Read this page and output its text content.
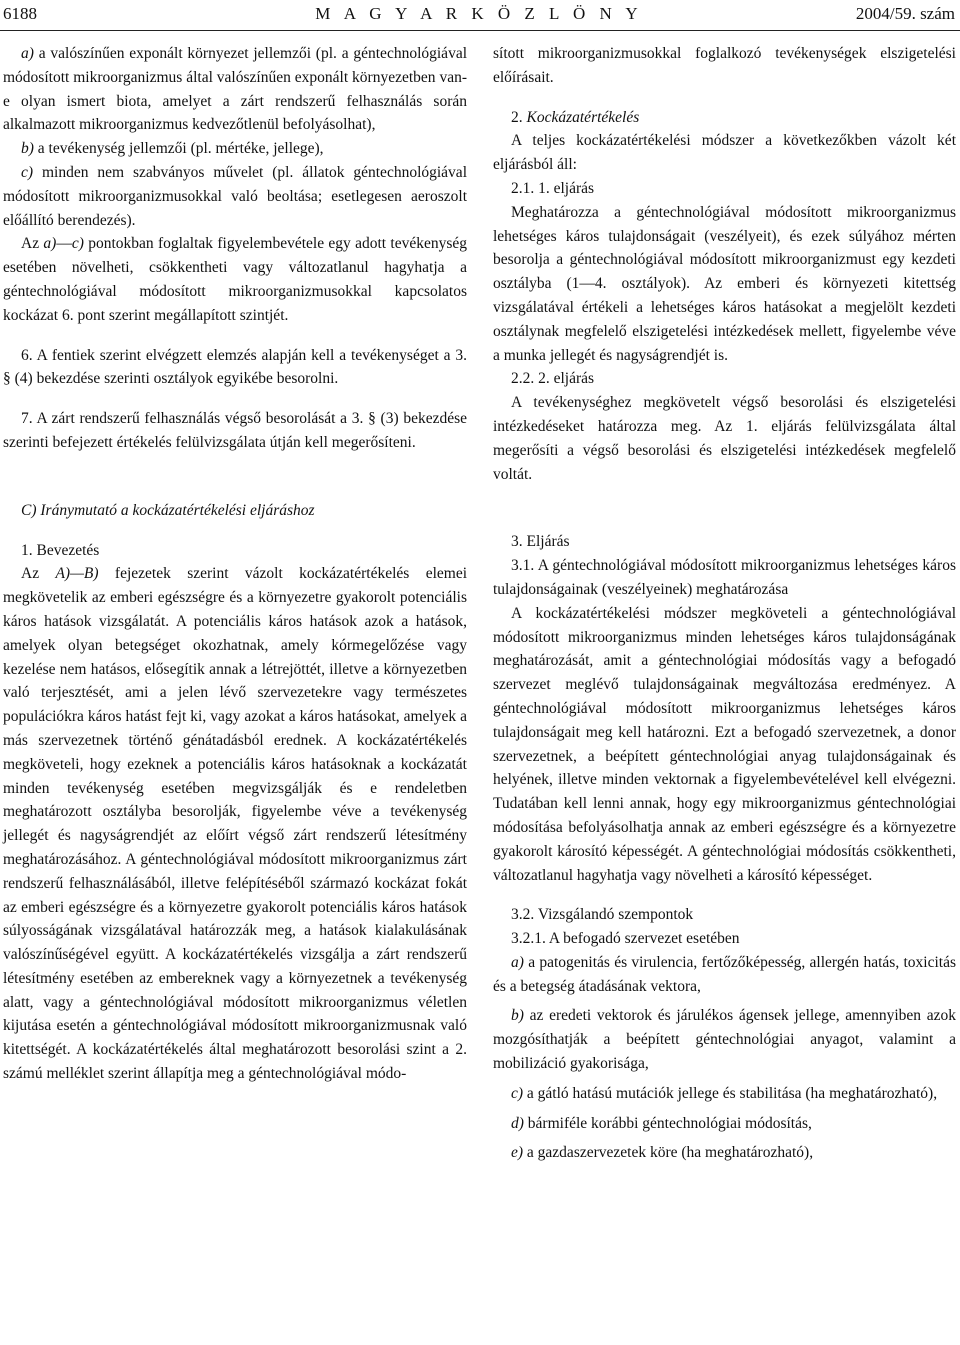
6188	M A G Y A R K Ö Z L Ö N Y	2004/59. szám

a) a valószínűen exponált környezet jellemzői (pl. a géntechnológiával módosított mikroorganizmus által valószínűen exponált környezetben van-e olyan ismert biota, amelyet a zárt rendszerű felhasználás során alkalmazott mikroorganizmus kedvezőtlenül befolyásolhat),

b) a tevékenység jellemzői (pl. mértéke, jellege),

c) minden nem szabványos művelet (pl. állatok géntechnológiával módosított mikroorganizmusokkal való beoltása; esetlegesen aeroszolt előállító berendezés).

Az a)—c) pontokban foglaltak figyelembevétele egy adott tevékenység esetében növelheti, csökkentheti vagy változatlanul hagyhatja a géntechnológiával módosított mikroorganizmusokkal kapcsolatos kockázat 6. pont szerint megállapított szintjét.

6. A fentiek szerint elvégzett elemzés alapján kell a tevékenységet a 3. § (4) bekezdése szerinti osztályok egyikébe besorolni.

7. A zárt rendszerű felhasználás végső besorolását a 3. § (3) bekezdése szerinti befejezett értékelés felülvizsgálata útján kell megerősíteni.

C) Iránymutató a kockázatértékelési eljáráshoz

1. Bevezetés

Az A)—B) fejezetek szerint vázolt kockázatértékelés elemei megkövetelik az emberi egészségre és a környezetre gyakorolt potenciális káros hatások vizsgálatát. A potenciális káros hatások azok a hatások, amelyek olyan betegséget okozhatnak, amely kórmegelőzése vagy kezelése nem hatásos, elősegítik annak a létrejöttét, illetve a környezetben való terjesztését, ami a jelen lévő szervezetekre vagy természetes populációkra káros hatást fejt ki, vagy azokat a káros hatásokat, amelyek a más szervezetnek történő génátadásból erednek. A kockázatértékelés megköveteli, hogy ezeknek a potenciális káros hatásoknak a kockázatát minden tevékenység esetében megvizsgálják és e rendeletben meghatározott osztályba besorolják, figyelembe véve a tevékenység jellegét és nagyságrendjét az előírt végső zárt rendszerű létesítmény meghatározásához. A géntechnológiával módosított mikroorganizmus zárt rendszerű felhasználásából, illetve felépítéséből származó kockázat fokát az emberi egészségre és a környezetre gyakorolt potenciális káros hatások súlyosságának vizsgálatával határozzák meg, a hatások kialakulásának valószínűségével együtt. A kockázatértékelés vizsgálja a zárt rendszerű létesítmény esetében az embereknek vagy a környezetnek a tevékenység alatt, vagy a géntechnológiával módosított mikroorganizmus véletlen kijutása esetén a géntechnológiával módosított mikroorganizmusnak való kitettségét. A kockázatértékelés által meghatározott besorolási szint a 2. számú melléklet szerint állapítja meg a géntechnológiával módo-

sított mikroorganizmusokkal foglalkozó tevékenységek elszigetelési előírásait.

2. Kockázatértékelés

A teljes kockázatértékelési módszer a következőkben vázolt két eljárásból áll:

2.1. 1. eljárás

Meghatározza a géntechnológiával módosított mikroorganizmus lehetséges káros tulajdonságait (veszélyeit), és ezek súlyához mérten besorolja a géntechnológiával módosított mikroorganizmust egy kezdeti osztályba (1—4. osztályok). Az emberi és környezeti kitettség vizsgálatával értékeli a lehetséges káros hatásokat a megjelölt kezdeti osztálynak megfelelő elszigetelési intézkedések mellett, figyelembe véve a munka jellegét és nagyságrendjét is.

2.2. 2. eljárás

A tevékenységhez megkövetelt végső besorolási és elszigetelési intézkedéseket határozza meg. Az 1. eljárás felülvizsgálata által megerősíti a végső besorolási és elszigetelési intézkedések megfelelő voltát.

3. Eljárás

3.1. A géntechnológiával módosított mikroorganizmus lehetséges káros tulajdonságainak (veszélyeinek) meghatározása

A kockázatértékelési módszer megköveteli a géntechnológiával módosított mikroorganizmus minden lehetséges káros tulajdonságának meghatározását, amit a géntechnológiai módosítás vagy a befogadó szervezet meglévő tulajdonságainak megváltozása eredményez. A géntechnológiával módosított mikroorganizmus lehetséges káros tulajdonságait meg kell határozni. Ezt a befogadó szervezetnek, a donor szervezetnek, a beépített géntechnológiai anyag tulajdonságainak és helyének, illetve minden vektornak a figyelembevételével kell elvégezni. Tudatában kell lenni annak, hogy egy mikroorganizmus géntechnológiai módosítása befolyásolhatja annak az emberi egészségre és a környezetre gyakorolt károsító képességét. A géntechnológiai módosítás csökkentheti, változatlanul hagyhatja vagy növelheti a károsító képességet.

3.2. Vizsgálandó szempontok

3.2.1. A befogadó szervezet esetében

a) a patogenitás és virulencia, fertőzőképesség, allergén hatás, toxicitás és a betegség átadásának vektora,

b) az eredeti vektorok és járulékos ágensek jellege, amennyiben azok mozgósíthatják a beépített géntechnológiai anyagot, valamint a mobilizáció gyakorisága,

c) a gátló hatású mutációk jellege és stabilitása (ha meghatározható),

d) bármiféle korábbi géntechnológiai módosítás,

e) a gazdaszervezetek köre (ha meghatározható),
